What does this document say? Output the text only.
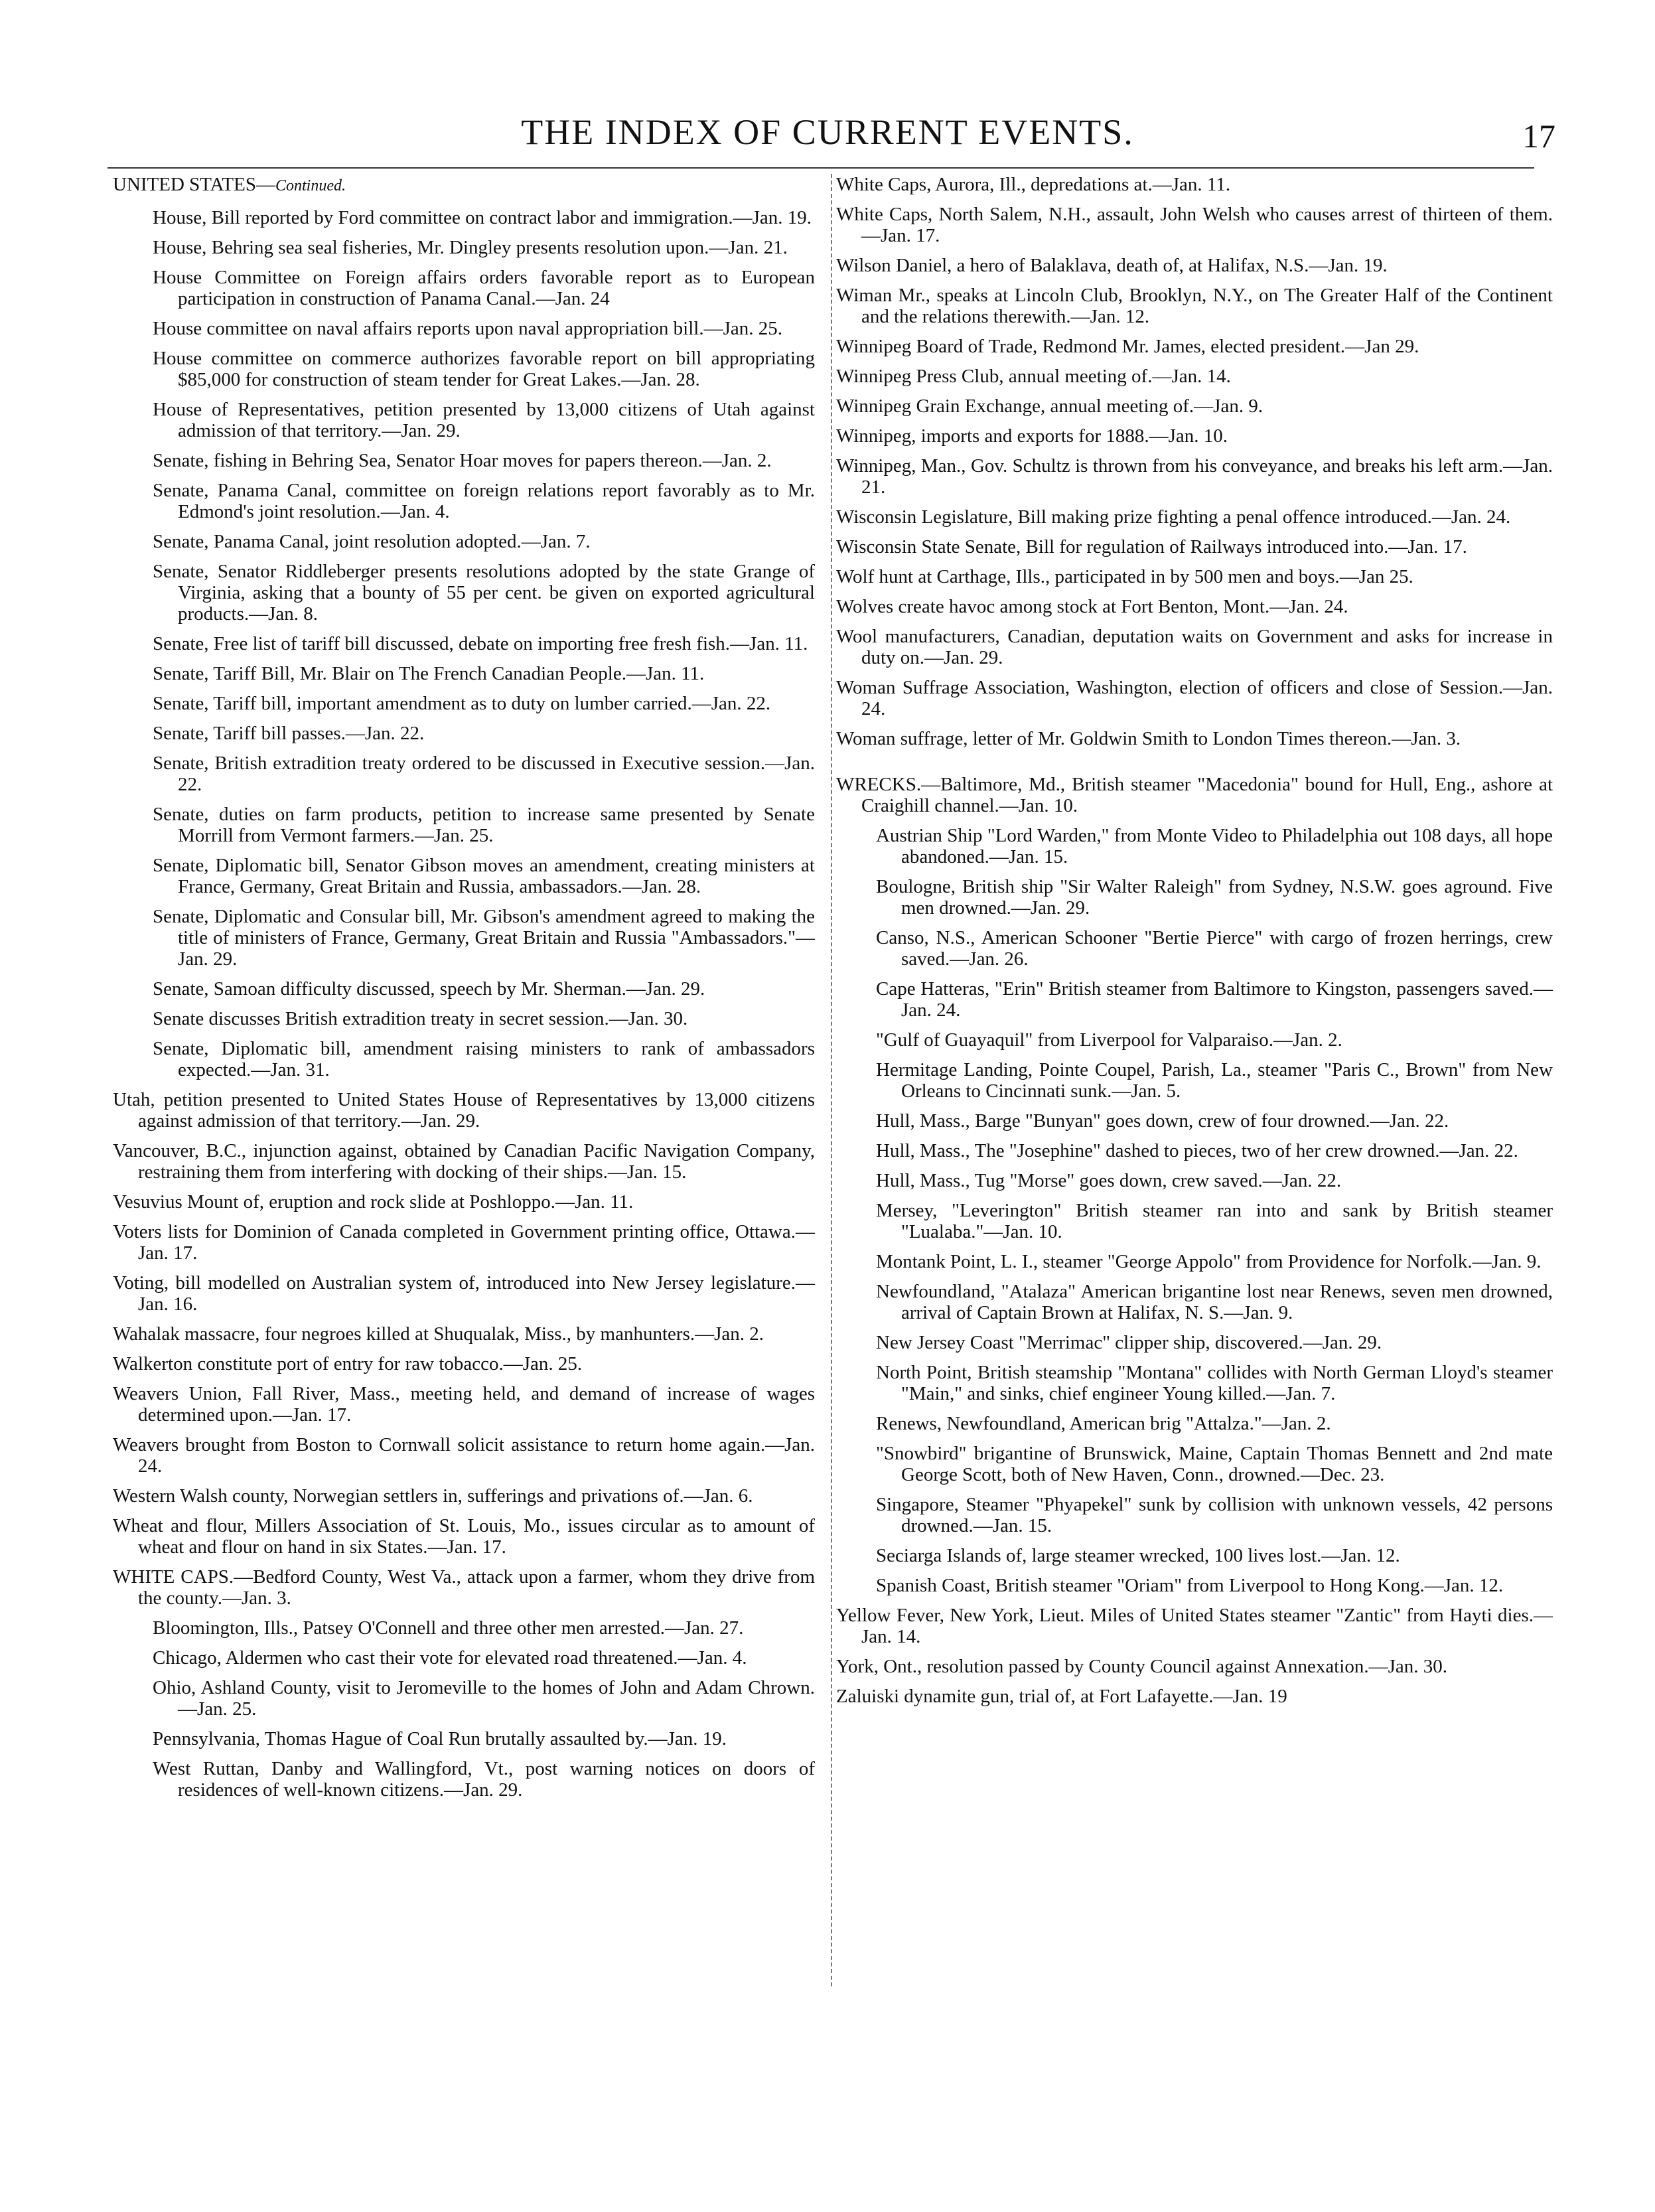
THE INDEX OF CURRENT EVENTS.	17
UNITED STATES—Continued.

House, Bill reported by Ford committee on contract labor and immigration.—Jan. 19.

House, Behring sea seal fisheries, Mr. Dingley presents resolution upon.—Jan. 21.

House Committee on Foreign affairs orders favorable report as to European participation in construction of Panama Canal.—Jan. 24

House committee on naval affairs reports upon naval appropriation bill.—Jan. 25.

House committee on commerce authorizes favorable report on bill appropriating $85,000 for construction of steam tender for Great Lakes.—Jan. 28.

House of Representatives, petition presented by 13,000 citizens of Utah against admission of that territory.—Jan. 29.

Senate, fishing in Behring Sea, Senator Hoar moves for papers thereon.—Jan. 2.

Senate, Panama Canal, committee on foreign relations report favorably as to Mr. Edmond's joint resolution.—Jan. 4.

Senate, Panama Canal, joint resolution adopted.—Jan. 7.

Senate, Senator Riddleberger presents resolutions adopted by the state Grange of Virginia, asking that a bounty of 55 per cent. be given on exported agricultural products.—Jan. 8.

Senate, Free list of tariff bill discussed, debate on importing free fresh fish.—Jan. 11.

Senate, Tariff Bill, Mr. Blair on The French Canadian People.—Jan. 11.

Senate, Tariff bill, important amendment as to duty on lumber carried.—Jan. 22.

Senate, Tariff bill passes.—Jan. 22.

Senate, British extradition treaty ordered to be discussed in Executive session.—Jan. 22.

Senate, duties on farm products, petition to increase same presented by Senate Morrill from Vermont farmers.—Jan. 25.

Senate, Diplomatic bill, Senator Gibson moves an amendment, creating ministers at France, Germany, Great Britain and Russia, ambassadors.—Jan. 28.

Senate, Diplomatic and Consular bill, Mr. Gibson's amendment agreed to making the title of ministers of France, Germany, Great Britain and Russia "Ambassadors."—Jan. 29.

Senate, Samoan difficulty discussed, speech by Mr. Sherman.—Jan. 29.

Senate discusses British extradition treaty in secret session.—Jan. 30.

Senate, Diplomatic bill, amendment raising ministers to rank of ambassadors expected.—Jan. 31.

Utah, petition presented to United States House of Representatives by 13,000 citizens against admission of that territory.—Jan. 29.

Vancouver, B.C., injunction against, obtained by Canadian Pacific Navigation Company, restraining them from interfering with docking of their ships.—Jan. 15.

Vesuvius Mount of, eruption and rock slide at Poshloppo.—Jan. 11.

Voters lists for Dominion of Canada completed in Government printing office, Ottawa.—Jan. 17.

Voting, bill modelled on Australian system of, introduced into New Jersey legislature.—Jan. 16.

Wahalak massacre, four negroes killed at Shuqualak, Miss., by manhunters.—Jan. 2.

Walkerton constitute port of entry for raw tobacco.—Jan. 25.

Weavers Union, Fall River, Mass., meeting held, and demand of increase of wages determined upon.—Jan. 17.

Weavers brought from Boston to Cornwall solicit assistance to return home again.—Jan. 24.

Western Walsh county, Norwegian settlers in, sufferings and privations of.—Jan. 6.

Wheat and flour, Millers Association of St. Louis, Mo., issues circular as to amount of wheat and flour on hand in six States.—Jan. 17.

WHITE CAPS.—Bedford County, West Va., attack upon a farmer, whom they drive from the county.—Jan. 3.

Bloomington, Ills., Patsey O'Connell and three other men arrested.—Jan. 27.

Chicago, Aldermen who cast their vote for elevated road threatened.—Jan. 4.

Ohio, Ashland County, visit to Jeromeville to the homes of John and Adam Chrown.—Jan. 25.

Pennsylvania, Thomas Hague of Coal Run brutally assaulted by.—Jan. 19.

West Ruttan, Danby and Wallingford, Vt., post warning notices on doors of residences of well-known citizens.—Jan. 29.

White Caps, Aurora, Ill., depredations at.—Jan. 11.

White Caps, North Salem, N.H., assault, John Welsh who causes arrest of thirteen of them.—Jan. 17.

Wilson Daniel, a hero of Balaklava, death of, at Halifax, N.S.—Jan. 19.

Wiman Mr., speaks at Lincoln Club, Brooklyn, N.Y., on The Greater Half of the Continent and the relations therewith.—Jan. 12.

Winnipeg Board of Trade, Redmond Mr. James, elected president.—Jan 29.

Winnipeg Press Club, annual meeting of.—Jan. 14.

Winnipeg Grain Exchange, annual meeting of.—Jan. 9.

Winnipeg, imports and exports for 1888.—Jan. 10.

Winnipeg, Man., Gov. Schultz is thrown from his conveyance, and breaks his left arm.—Jan. 21.

Wisconsin Legislature, Bill making prize fighting a penal offence introduced.—Jan. 24.

Wisconsin State Senate, Bill for regulation of Railways introduced into.—Jan. 17.

Wolf hunt at Carthage, Ills., participated in by 500 men and boys.—Jan 25.

Wolves create havoc among stock at Fort Benton, Mont.—Jan. 24.

Wool manufacturers, Canadian, deputation waits on Government and asks for increase in duty on.—Jan. 29.

Woman Suffrage Association, Washington, election of officers and close of Session.—Jan. 24.

Woman suffrage, letter of Mr. Goldwin Smith to London Times thereon.—Jan. 3.

WRECKS.—Baltimore, Md., British steamer "Macedonia" bound for Hull, Eng., ashore at Craighill channel.—Jan. 10.

Austrian Ship "Lord Warden," from Monte Video to Philadelphia out 108 days, all hope abandoned.—Jan. 15.

Boulogne, British ship "Sir Walter Raleigh" from Sydney, N.S.W. goes aground. Five men drowned.—Jan. 29.

Canso, N.S., American Schooner "Bertie Pierce" with cargo of frozen herrings, crew saved.—Jan. 26.

Cape Hatteras, "Erin" British steamer from Baltimore to Kingston, passengers saved.—Jan. 24.

"Gulf of Guayaquil" from Liverpool for Valparaiso.—Jan. 2.

Hermitage Landing, Pointe Coupel, Parish, La., steamer "Paris C., Brown" from New Orleans to Cincinnati sunk.—Jan. 5.

Hull, Mass., Barge "Bunyan" goes down, crew of four drowned.—Jan. 22.

Hull, Mass., The "Josephine" dashed to pieces, two of her crew drowned.—Jan. 22.

Hull, Mass., Tug "Morse" goes down, crew saved.—Jan. 22.

Mersey, "Leverington" British steamer ran into and sank by British steamer "Lualaba."—Jan. 10.

Montank Point, L. I., steamer "George Appolo" from Providence for Norfolk.—Jan. 9.

Newfoundland, "Atalaza" American brigantine lost near Renews, seven men drowned, arrival of Captain Brown at Halifax, N. S.—Jan. 9.

New Jersey Coast "Merrimac" clipper ship, discovered.—Jan. 29.

North Point, British steamship "Montana" collides with North German Lloyd's steamer "Main," and sinks, chief engineer Young killed.—Jan. 7.

Renews, Newfoundland, American brig "Attalza."—Jan. 2.

"Snowbird" brigantine of Brunswick, Maine, Captain Thomas Bennett and 2nd mate George Scott, both of New Haven, Conn., drowned.—Dec. 23.

Singapore, Steamer "Phyapekel" sunk by collision with unknown vessels, 42 persons drowned.—Jan. 15.

Seciarga Islands of, large steamer wrecked, 100 lives lost.—Jan. 12.

Spanish Coast, British steamer "Oriam" from Liverpool to Hong Kong.—Jan. 12.

Yellow Fever, New York, Lieut. Miles of United States steamer "Zantic" from Hayti dies.—Jan. 14.

York, Ont., resolution passed by County Council against Annexation.—Jan. 30.

Zaluiski dynamite gun, trial of, at Fort Lafayette.—Jan. 19
